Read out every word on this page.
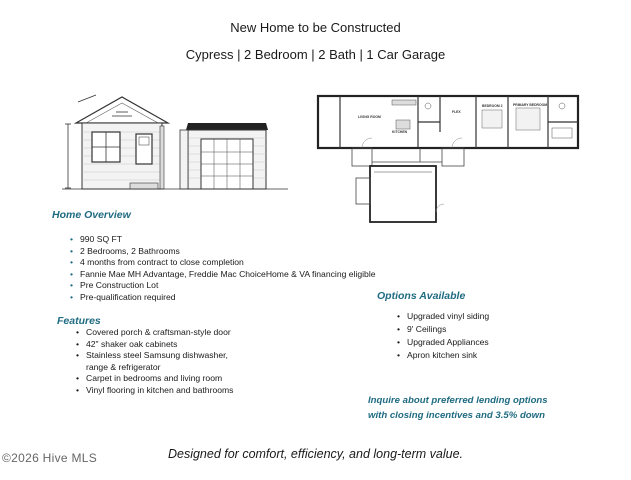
New Home to be Constructed
Cypress | 2 Bedroom | 2 Bath | 1 Car Garage
LIVING ROOM
KITCHEN
FLEX
BEDROOM 2	PRIMARY BEDROOM
Home Overview
• 990 SQ FT
• 2 Bedrooms, 2 Bathrooms
• 4 months from contract to close completion
• Fannie Mae MH Advantage, Freddie Mac ChoiceHome & VA financing eligible
• Pre Construction Lot
• Pre-qualification required
Features
• Covered porch & craftsman-style door
• 42" shaker oak cabinets
• Stainless steel Samsung dishwasher, range & refrigerator
• Carpet in bedrooms and living room
• Vinyl flooring in kitchen and bathrooms
Options Available
• Upgraded vinyl siding
• 9' Ceilings
• Upgraded Appliances
• Apron kitchen sink
Inquire about preferred lending options
with closing incentives and 3.5% down
Designed for comfort, efficiency, and long-term value.
©2026 Hive MLS
